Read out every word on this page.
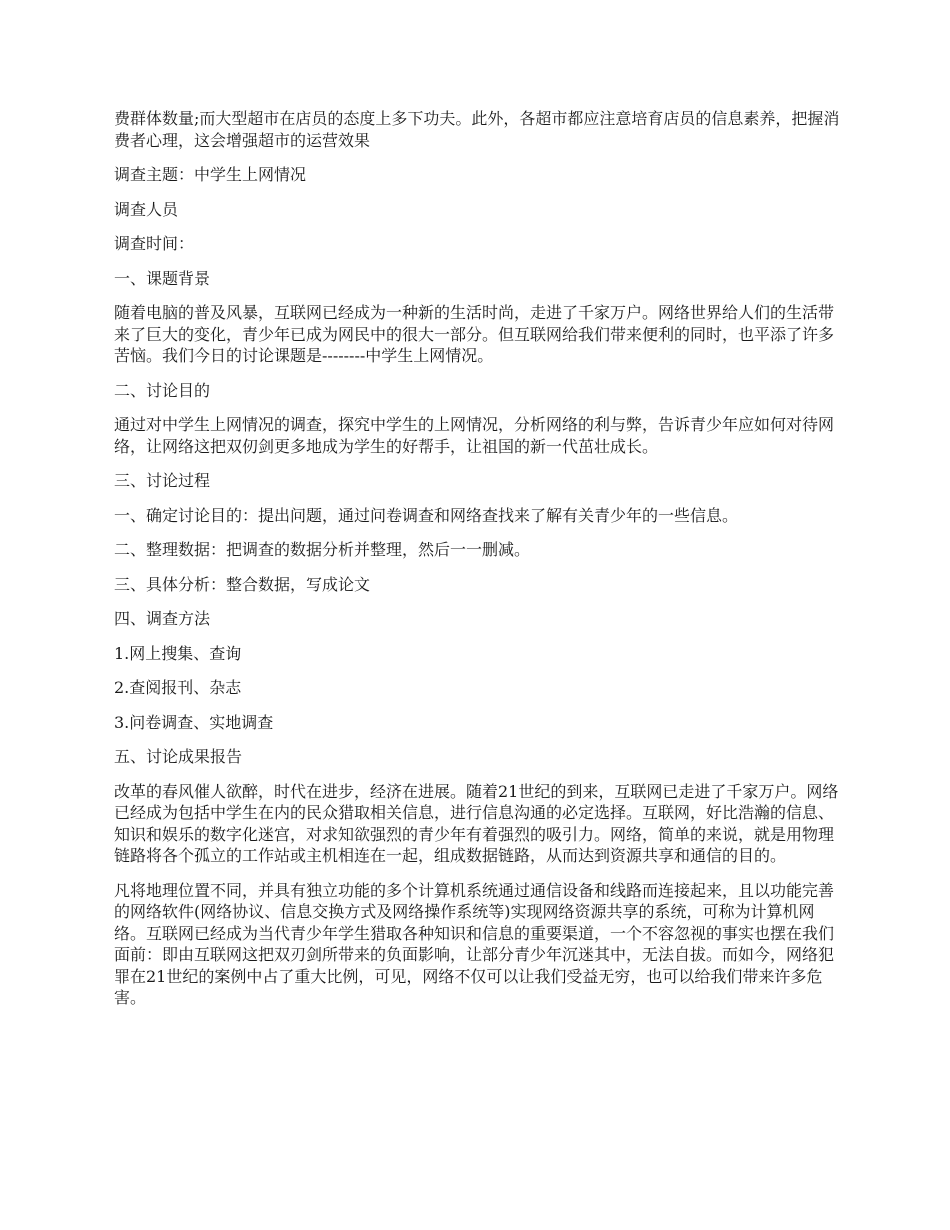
费群体数量;而大型超市在店员的态度上多下功夫。此外，各超市都应注意培育店员的信息素养，把握消费者心理，这会增强超市的运营效果

调查主题：中学生上网情况

调查人员

调查时间：

一、课题背景

随着电脑的普及风暴，互联网已经成为一种新的生活时尚，走进了千家万户。网络世界给人们的生活带来了巨大的变化，青少年已成为网民中的很大一部分。但互联网给我们带来便利的同时，也平添了许多苦恼。我们今日的讨论课题是--------中学生上网情况。

二、讨论目的

通过对中学生上网情况的调查，探究中学生的上网情况，分析网络的利与弊，告诉青少年应如何对待网络，让网络这把双仞剑更多地成为学生的好帮手，让祖国的新一代茁壮成长。

三、讨论过程

一、确定讨论目的：提出问题，通过问卷调查和网络查找来了解有关青少年的一些信息。

二、整理数据：把调查的数据分析并整理，然后一一删减。

三、具体分析：整合数据，写成论文

四、调查方法

1.网上搜集、查询

2.查阅报刊、杂志

3.问卷调查、实地调查

五、讨论成果报告

改革的春风催人欲醉，时代在进步，经济在进展。随着21世纪的到来，互联网已走进了千家万户。网络已经成为包括中学生在内的民众猎取相关信息，进行信息沟通的必定选择。互联网，好比浩瀚的信息、知识和娱乐的数字化迷宫，对求知欲强烈的青少年有着强烈的吸引力。网络，简单的来说，就是用物理链路将各个孤立的工作站或主机相连在一起，组成数据链路，从而达到资源共享和通信的目的。

凡将地理位置不同，并具有独立功能的多个计算机系统通过通信设备和线路而连接起来，且以功能完善的网络软件(网络协议、信息交换方式及网络操作系统等)实现网络资源共享的系统，可称为计算机网络。互联网已经成为当代青少年学生猎取各种知识和信息的重要渠道，一个不容忽视的事实也摆在我们面前：即由互联网这把双刃剑所带来的负面影响，让部分青少年沉迷其中，无法自拔。而如今，网络犯罪在21世纪的案例中占了重大比例，可见，网络不仅可以让我们受益无穷，也可以给我们带来许多危害。
